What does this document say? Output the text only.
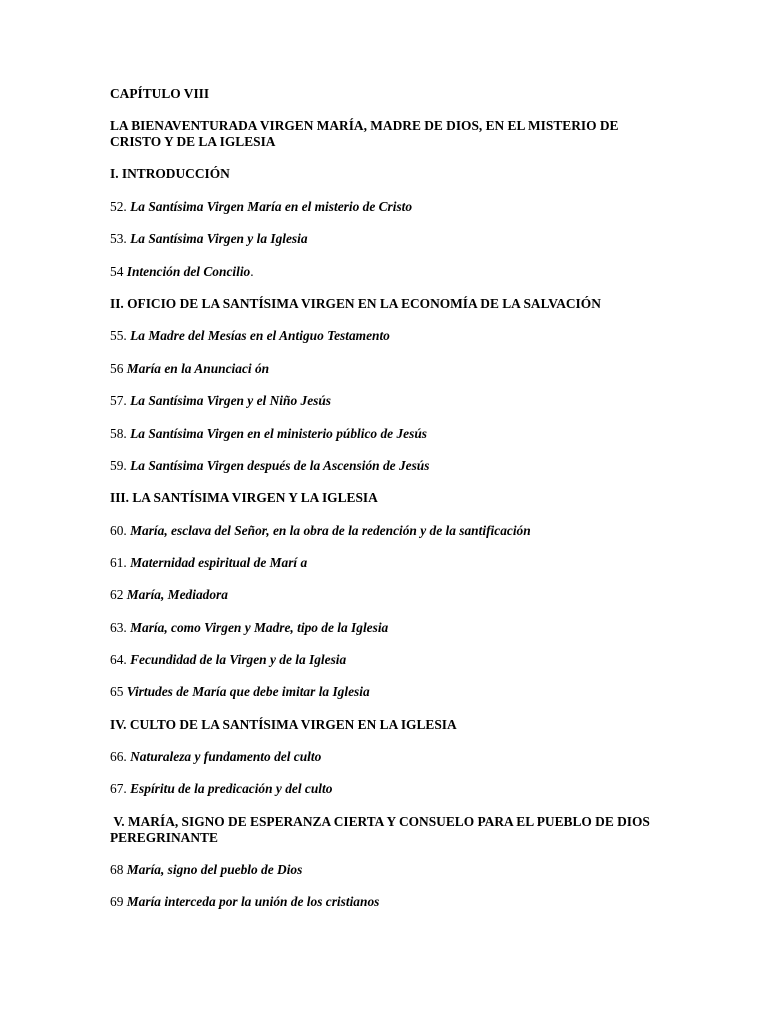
CAPÍTULO VIII
LA BIENAVENTURADA VIRGEN MARÍA, MADRE DE DIOS, EN EL MISTERIO DE CRISTO Y DE LA IGLESIA
I. INTRODUCCIÓN
52. La Santísima Virgen María en el misterio de Cristo
53. La Santísima Virgen y la Iglesia
54 Intención del Concilio.
II. OFICIO DE LA SANTÍSIMA VIRGEN EN LA ECONOMÍA DE LA SALVACIÓN
55. La Madre del Mesías en el Antiguo Testamento
56 María en la Anunciaci ón
57. La Santísima Virgen y el Niño Jesús
58. La Santísima Virgen en el ministerio público de Jesús
59. La Santísima Virgen después de la Ascensión de Jesús
III. LA SANTÍSIMA VIRGEN Y LA IGLESIA
60. María, esclava del Señor, en la obra de la redención y de la santificación
61. Maternidad espiritual de Marí a
62 María, Mediadora
63. María, como Virgen y Madre, tipo de la Iglesia
64. Fecundidad de la Virgen y de la Iglesia
65 Virtudes de María que debe imitar la Iglesia
IV. CULTO DE LA SANTÍSIMA VIRGEN EN LA IGLESIA
66. Naturaleza y fundamento del culto
67. Espíritu de la predicación y del culto
V. MARÍA, SIGNO DE ESPERANZA CIERTA Y CONSUELO PARA EL PUEBLO DE DIOS PEREGRINANTE
68 María, signo del pueblo de Dios
69 María interceda por la unión de los cristianos
